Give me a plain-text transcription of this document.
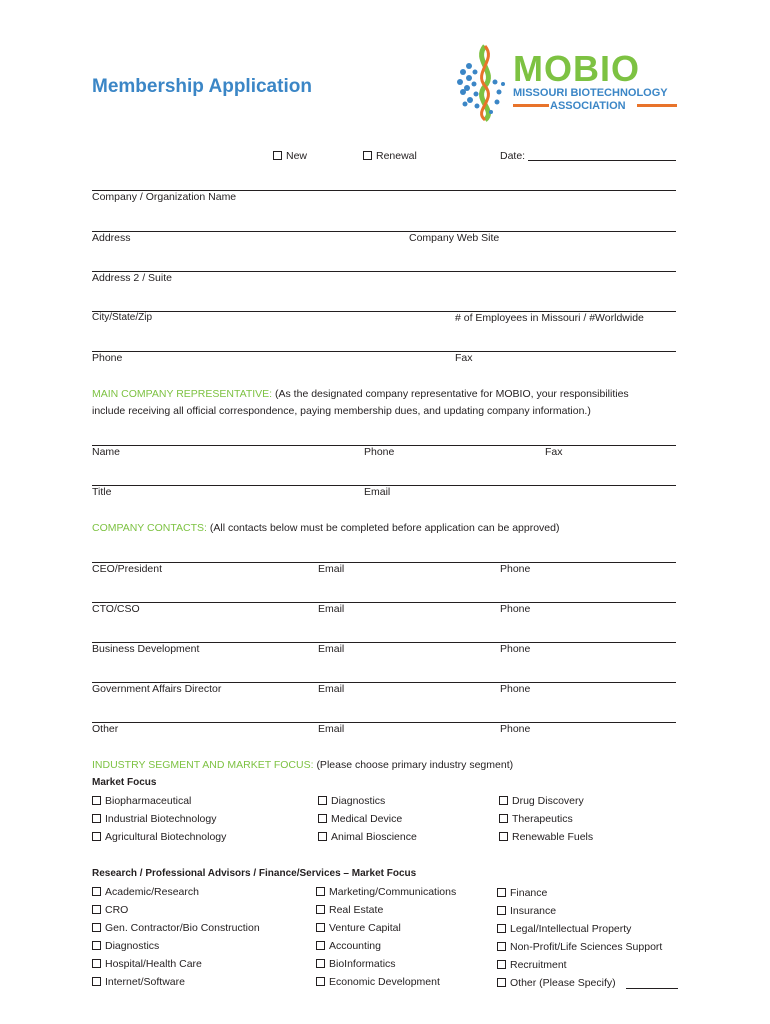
Membership Application	MOBIO
MISSOURI BIOTECHNOLOGY
ASSOCIATION
New	Renewal	Date:
Company / Organization Name
Address	Company Web Site
Address 2 / Suite
City/State/Zip	# of Employees in Missouri / #Worldwide
Phone	Fax
MAIN COMPANY REPRESENTATIVE: (As the designated company representative for MOBIO, your responsibilities
include receiving all official correspondence, paying membership dues, and updating company information.)
Name	Phone	Fax
Title	Email
COMPANY CONTACTS: (All contacts below must be completed before application can be approved)
CEO/President	Email	Phone
CTO/CSO	Email	Phone
Business Development	Email	Phone
Government Affairs Director	Email	Phone
Other	Email	Phone
INDUSTRY SEGMENT AND MARKET FOCUS: (Please choose primary industry segment)
Market Focus
Biopharmaceutical
Industrial Biotechnology
Agricultural Biotechnology
Diagnostics
Medical Device
Animal Bioscience
Drug Discovery
Therapeutics
Renewable Fuels
Research / Professional Advisors / Finance/Services – Market Focus
Academic/Research
CRO
Gen. Contractor/Bio Construction
Diagnostics
Hospital/Health Care
Internet/Software
Marketing/Communications
Real Estate
Venture Capital
Accounting
BioInformatics
Economic Development
Finance
Insurance
Legal/Intellectual Property
Non-Profit/Life Sciences Support
Recruitment
Other (Please Specify)
